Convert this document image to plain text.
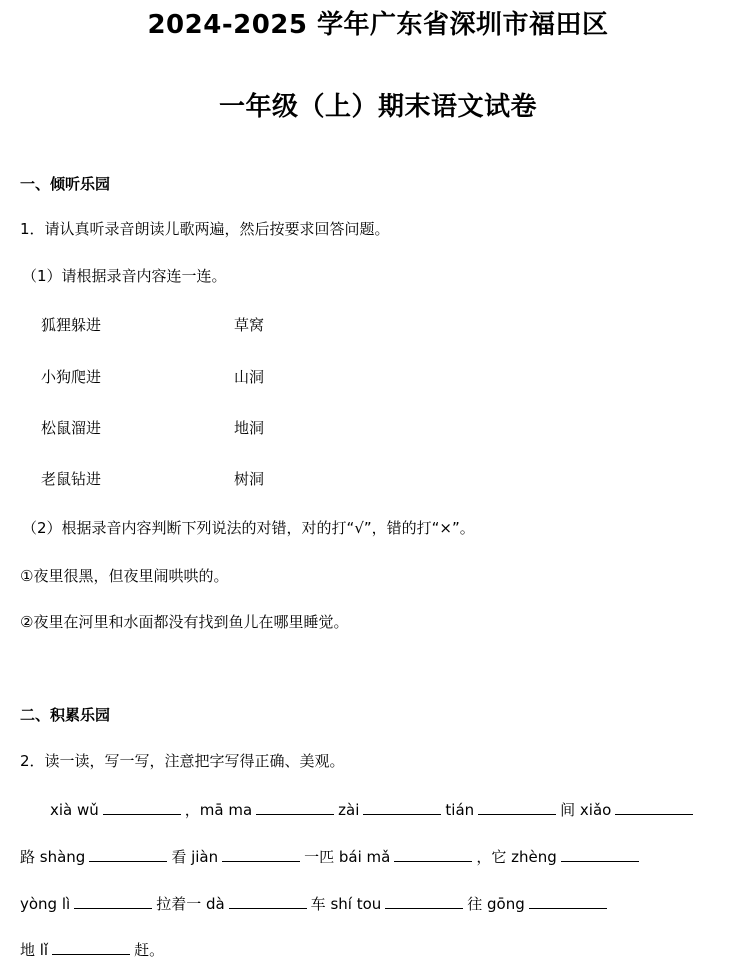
2024-2025 学年广东省深圳市福田区
一年级（上）期末语文试卷
一、倾听乐园
1．请认真听录音朗读儿歌两遍，然后按要求回答问题。
（1）请根据录音内容连一连。
狐狸躲进	草窝
小狗爬进	山洞
松鼠溜进	地洞
老鼠钻进	树洞
（2）根据录音内容判断下列说法的对错，对的打“√”，错的打“×”。
①夜里很黑，但夜里闹哄哄的。
②夜里在河里和水面都没有找到鱼儿在哪里睡觉。
二、积累乐园
2．读一读，写一写，注意把字写得正确、美观。
xià wǔ	，mā ma	zài	tián	间 xiǎo
路 shàng	看 jiàn	一匹 bái mǎ	，它 zhèng
yòng lì	拉着一 dà	车 shí tou	往 gōng
地 lǐ	赶。
